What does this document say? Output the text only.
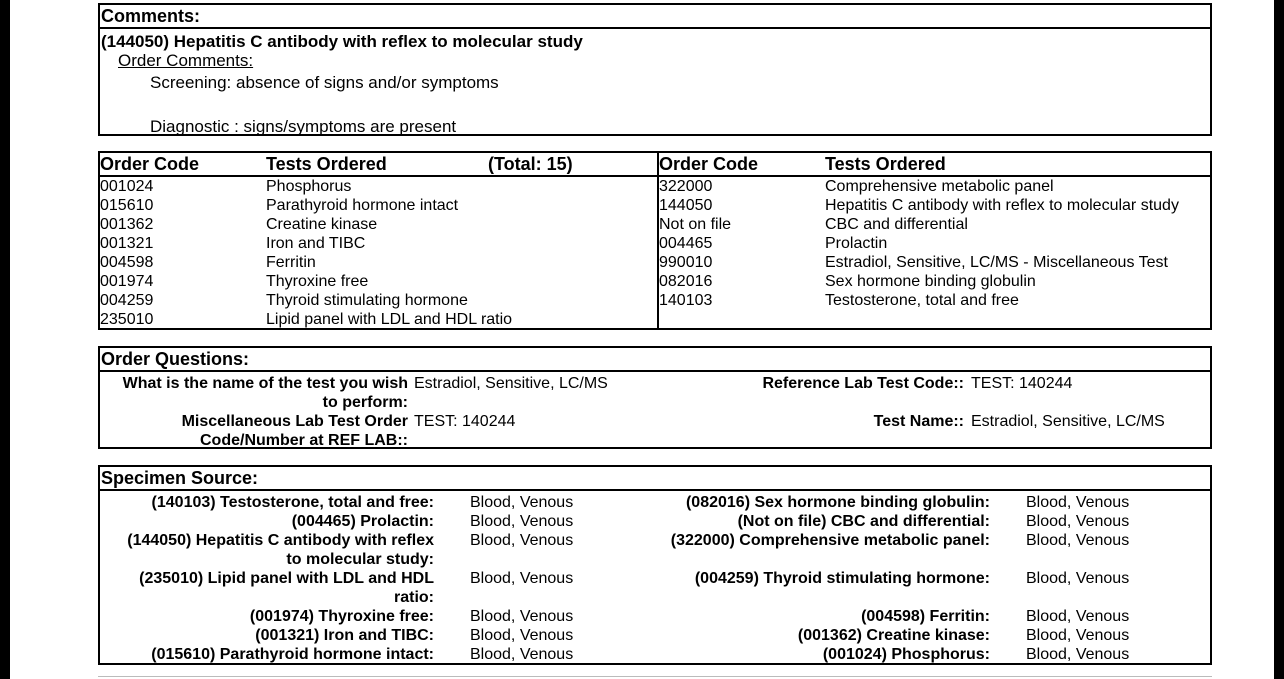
Comments:
(144050) Hepatitis C antibody with reflex to molecular study
Order Comments:
Screening: absence of signs and/or symptoms
Diagnostic : signs/symptoms are present
Order Code	Tests Ordered	(Total: 15)	Order Code	Tests Ordered
001024	Phosphorus
015610	Parathyroid hormone intact
001362	Creatine kinase
001321	Iron and TIBC
004598	Ferritin
001974	Thyroxine free
004259	Thyroid stimulating hormone
235010	Lipid panel with LDL and HDL ratio
322000	Comprehensive metabolic panel
144050	Hepatitis C antibody with reflex to molecular study
Not on file	CBC and differential
004465	Prolactin
990010	Estradiol, Sensitive, LC/MS - Miscellaneous Test
082016	Sex hormone binding globulin
140103	Testosterone, total and free
Order Questions:
What is the name of the test you wish
to perform:
Estradiol, Sensitive, LC/MS
Miscellaneous Lab Test Order
Code/Number at REF LAB::
TEST: 140244
Reference Lab Test Code:: TEST: 140244
Test Name:: Estradiol, Sensitive, LC/MS
Specimen Source:
(140103) Testosterone, total and free: Blood, Venous
(004465) Prolactin: Blood, Venous
(144050) Hepatitis C antibody with reflex
to molecular study:
Blood, Venous
(235010) Lipid panel with LDL and HDL
ratio:
Blood, Venous
(001974) Thyroxine free: Blood, Venous
(001321) Iron and TIBC: Blood, Venous
(015610) Parathyroid hormone intact: Blood, Venous
(082016) Sex hormone binding globulin: Blood, Venous
(Not on file) CBC and differential: Blood, Venous
(322000) Comprehensive metabolic panel: Blood, Venous
(004259) Thyroid stimulating hormone: Blood, Venous
(004598) Ferritin: Blood, Venous
(001362) Creatine kinase: Blood, Venous
(001024) Phosphorus: Blood, Venous
